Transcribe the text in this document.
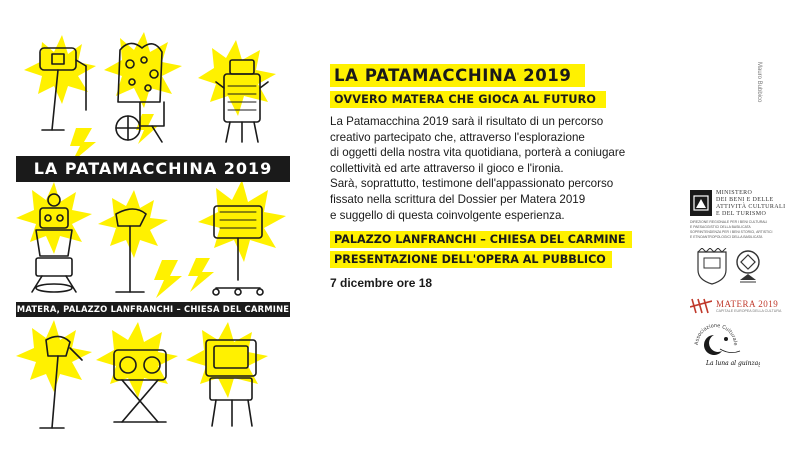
LA PATAMACCHINA 2019
MATERA, PALAZZO LANFRANCHI – CHIESA DEL CARMINE
LA PATAMACCHINA 2019
OVVERO MATERA CHE GIOCA AL FUTURO

La Patamacchina 2019 sarà il risultato di un percorso

creativo partecipato che, attraverso l'esplorazione

di oggetti della nostra vita quotidiana, porterà a coniugare

collettività ed arte attraverso il gioco e l'ironia.

Sarà, soprattutto, testimone dell'appassionato percorso

fissato nella scrittura del Dossier per Matera 2019

e suggello di questa coinvolgente esperienza.

PALAZZO LANFRANCHI – CHIESA DEL CARMINE
PRESENTAZIONE DELL'OPERA AL PUBBLICO
7 dicembre ore 18
Mauro Bubbico
MINISTERO
DEI BENI E DELLE
ATTIVITÀ CULTURALI
E DEL TURISMO
DIREZIONE REGIONALE PER I BENI CULTURALI
E PAESAGGISTICI DELLA BASILICATA
SOPRINTENDENZA PER I BENI STORICI, ARTISTICI
E ETNOANTROPOLOGICI DELLA BASILICATA
MATERA 2019
CAPITALE EUROPEA DELLA CULTURA
Associazione Culturale
La luna al guinza
